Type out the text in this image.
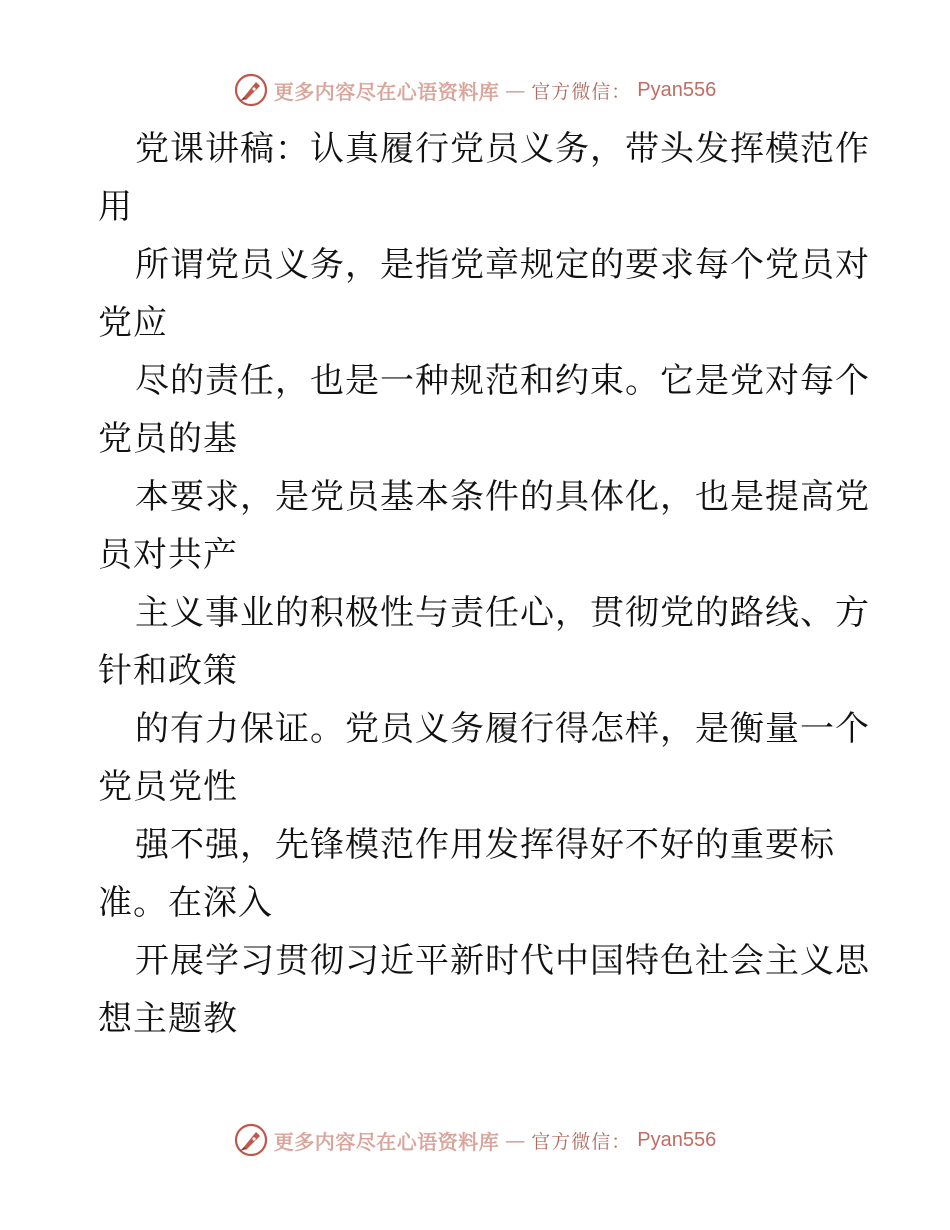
更多内容尽在心语资料库 — 官方微信： Pyan556
党课讲稿：认真履行党员义务，带头发挥模范作
用
所谓党员义务，是指党章规定的要求每个党员对
党应
尽的责任，也是一种规范和约束。它是党对每个
党员的基
本要求，是党员基本条件的具体化，也是提高党
员对共产
主义事业的积极性与责任心，贯彻党的路线、方
针和政策
的有力保证。党员义务履行得怎样，是衡量一个
党员党性
强不强，先锋模范作用发挥得好不好的重要标
准。在深入
开展学习贯彻习近平新时代中国特色社会主义思
想主题教
更多内容尽在心语资料库 — 官方微信： Pyan556
